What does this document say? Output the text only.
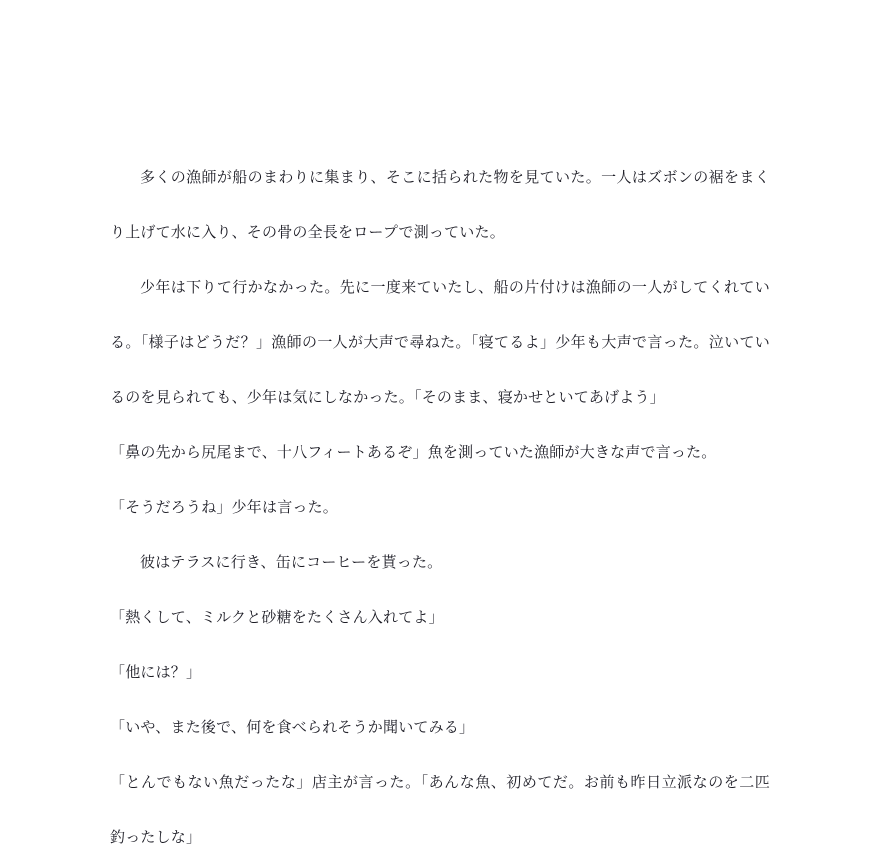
多くの漁師が船のまわりに集まり、そこに括られた物を見ていた。一人はズボンの裾をまくり上げて水に入り、その骨の全長をロープで測っていた。

少年は下りて行かなかった。先に一度来ていたし、船の片付けは漁師の一人がしてくれている。「様子はどうだ？」漁師の一人が大声で尋ねた。「寝てるよ」少年も大声で言った。泣いているのを見られても、少年は気にしなかった。「そのまま、寝かせといてあげよう」

「鼻の先から尻尾まで、十八フィートあるぞ」魚を測っていた漁師が大きな声で言った。

「そうだろうね」少年は言った。

彼はテラスに行き、缶にコーヒーを貰った。

「熱くして、ミルクと砂糖をたくさん入れてよ」

「他には？」

「いや、また後で、何を食べられそうか聞いてみる」

「とんでもない魚だったな」店主が言った。「あんな魚、初めてだ。お前も昨日立派なのを二匹釣ったしな」
